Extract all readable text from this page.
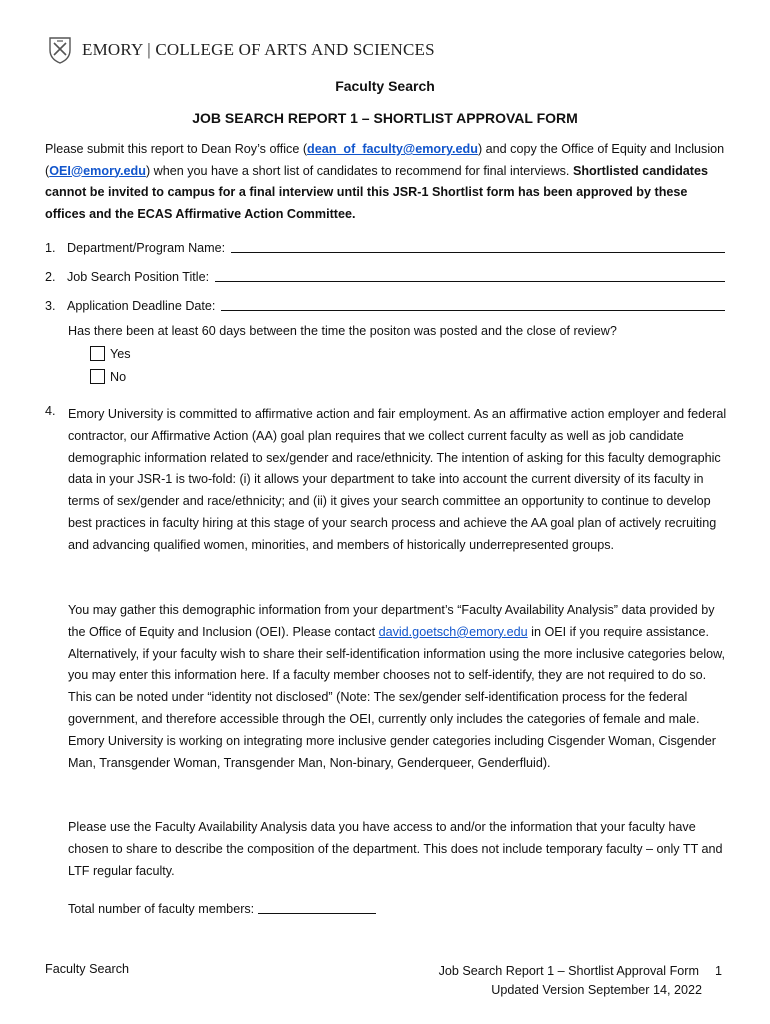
EMORY | COLLEGE OF ARTS AND SCIENCES
Faculty Search
JOB SEARCH REPORT 1 – SHORTLIST APPROVAL FORM
Please submit this report to Dean Roy’s office (dean_of_faculty@emory.edu) and copy the Office of Equity and Inclusion (OEI@emory.edu) when you have a short list of candidates to recommend for final interviews. Shortlisted candidates cannot be invited to campus for a final interview until this JSR-1 Shortlist form has been approved by these offices and the ECAS Affirmative Action Committee.
1. Department/Program Name:
2. Job Search Position Title:
3. Application Deadline Date:
Has there been at least 60 days between the time the positon was posted and the close of review?
Yes
No
4. Emory University is committed to affirmative action and fair employment. As an affirmative action employer and federal contractor, our Affirmative Action (AA) goal plan requires that we collect current faculty as well as job candidate demographic information related to sex/gender and race/ethnicity. The intention of asking for this faculty demographic data in your JSR-1 is two-fold: (i) it allows your department to take into account the current diversity of its faculty in terms of sex/gender and race/ethnicity; and (ii) it gives your search committee an opportunity to continue to develop best practices in faculty hiring at this stage of your search process and achieve the AA goal plan of actively recruiting and advancing qualified women, minorities, and members of historically underrepresented groups.
You may gather this demographic information from your department’s “Faculty Availability Analysis” data provided by the Office of Equity and Inclusion (OEI). Please contact david.goetsch@emory.edu in OEI if you require assistance. Alternatively, if your faculty wish to share their self-identification information using the more inclusive categories below, you may enter this information here. If a faculty member chooses not to self-identify, they are not required to do so. This can be noted under “identity not disclosed” (Note: The sex/gender self-identification process for the federal government, and therefore accessible through the OEI, currently only includes the categories of female and male. Emory University is working on integrating more inclusive gender categories including Cisgender Woman, Cisgender Man, Transgender Woman, Transgender Man, Non-binary, Genderqueer, Genderfluid).
Please use the Faculty Availability Analysis data you have access to and/or the information that your faculty have chosen to share to describe the composition of the department. This does not include temporary faculty – only TT and LTF regular faculty.
Total number of faculty members:
Faculty Search	Job Search Report 1 – Shortlist Approval Form 1
Updated Version September 14, 2022
